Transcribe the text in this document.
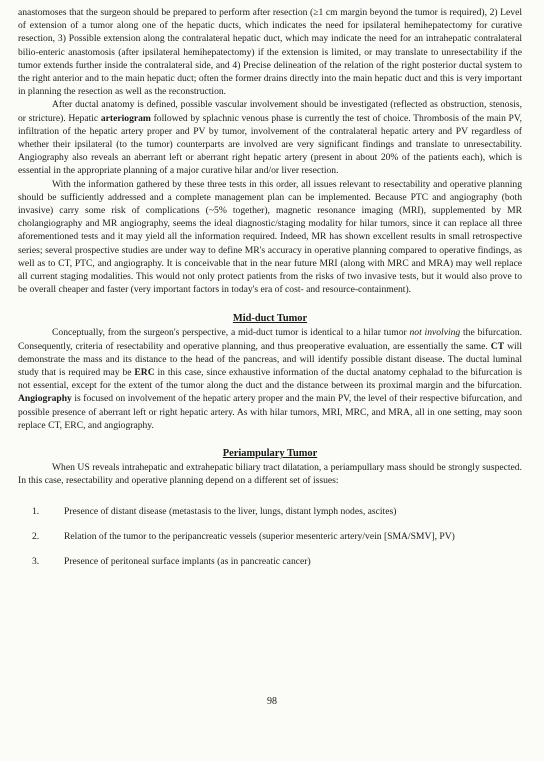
anastomoses that the surgeon should be prepared to perform after resection (≥1 cm margin beyond the tumor is required), 2) Level of extension of a tumor along one of the hepatic ducts, which indicates the need for ipsilateral hemihepatectomy for curative resection, 3) Possible extension along the contralateral hepatic duct, which may indicate the need for an intrahepatic contralateral bilio-enteric anastomosis (after ipsilateral hemihepatectomy) if the extension is limited, or may translate to unresectability if the tumor extends further inside the contralateral side, and 4) Precise delineation of the relation of the right posterior ductal system to the right anterior and to the main hepatic duct; often the former drains directly into the main hepatic duct and this is very important in planning the resection as well as the reconstruction.

After ductal anatomy is defined, possible vascular involvement should be investigated (reflected as obstruction, stenosis, or stricture). Hepatic arteriogram followed by splachnic venous phase is currently the test of choice. Thrombosis of the main PV, infiltration of the hepatic artery proper and PV by tumor, involvement of the contralateral hepatic artery and PV regardless of whether their ipsilateral (to the tumor) counterparts are involved are very significant findings and translate to unresectability. Angiography also reveals an aberrant left or aberrant right hepatic artery (present in about 20% of the patients each), which is essential in the appropriate planning of a major curative hilar and/or liver resection.

With the information gathered by these three tests in this order, all issues relevant to resectability and operative planning should be sufficiently addressed and a complete management plan can be implemented. Because PTC and angiography (both invasive) carry some risk of complications (~5% together), magnetic resonance imaging (MRI), supplemented by MR cholangiography and MR angiography, seems the ideal diagnostic/staging modality for hilar tumors, since it can replace all three aforementioned tests and it may yield all the information required. Indeed, MR has shown excellent results in small retrospective series; several prospective studies are under way to define MR's accuracy in operative planning compared to operative findings, as well as to CT, PTC, and angiography. It is conceivable that in the near future MRI (along with MRC and MRA) may well replace all current staging modalities. This would not only protect patients from the risks of two invasive tests, but it would also prove to be overall cheaper and faster (very important factors in today's era of cost- and resource-containment).

Mid-duct Tumor

Conceptually, from the surgeon's perspective, a mid-duct tumor is identical to a hilar tumor not involving the bifurcation. Consequently, criteria of resectability and operative planning, and thus preoperative evaluation, are essentially the same. CT will demonstrate the mass and its distance to the head of the pancreas, and will identify possible distant disease. The ductal luminal study that is required may be ERC in this case, since exhaustive information of the ductal anatomy cephalad to the bifurcation is not essential, except for the extent of the tumor along the duct and the distance between its proximal margin and the bifurcation. Angiography is focused on involvement of the hepatic artery proper and the main PV, the level of their respective bifurcation, and possible presence of aberrant left or right hepatic artery. As with hilar tumors, MRI, MRC, and MRA, all in one setting, may soon replace CT, ERC, and angiography.

Periampulary Tumor

When US reveals intrahepatic and extrahepatic biliary tract dilatation, a periampullary mass should be strongly suspected. In this case, resectability and operative planning depend on a different set of issues:

1.	Presence of distant disease (metastasis to the liver, lungs, distant lymph nodes, ascites)
2.	Relation of the tumor to the peripancreatic vessels (superior mesenteric artery/vein [SMA/SMV], PV)
3.	Presence of peritoneal surface implants (as in pancreatic cancer)
98
